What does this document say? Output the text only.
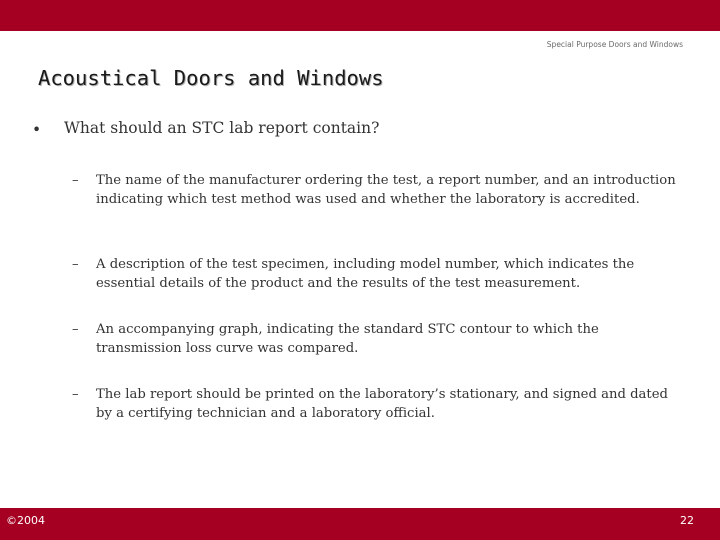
Special Purpose Doors and Windows
Acoustical Doors and Windows
• What should an STC lab report contain?
– The name of the manufacturer ordering the test, a report number, and an introduction indicating which test method was used and whether the laboratory is accredited.
– A description of the test specimen, including model number, which indicates the essential details of the product and the results of the test measurement.
– An accompanying graph, indicating the standard STC contour to which the transmission loss curve was compared.
– The lab report should be printed on the laboratory’s stationary, and signed and dated by a certifying technician and a laboratory official.
©2004	22
